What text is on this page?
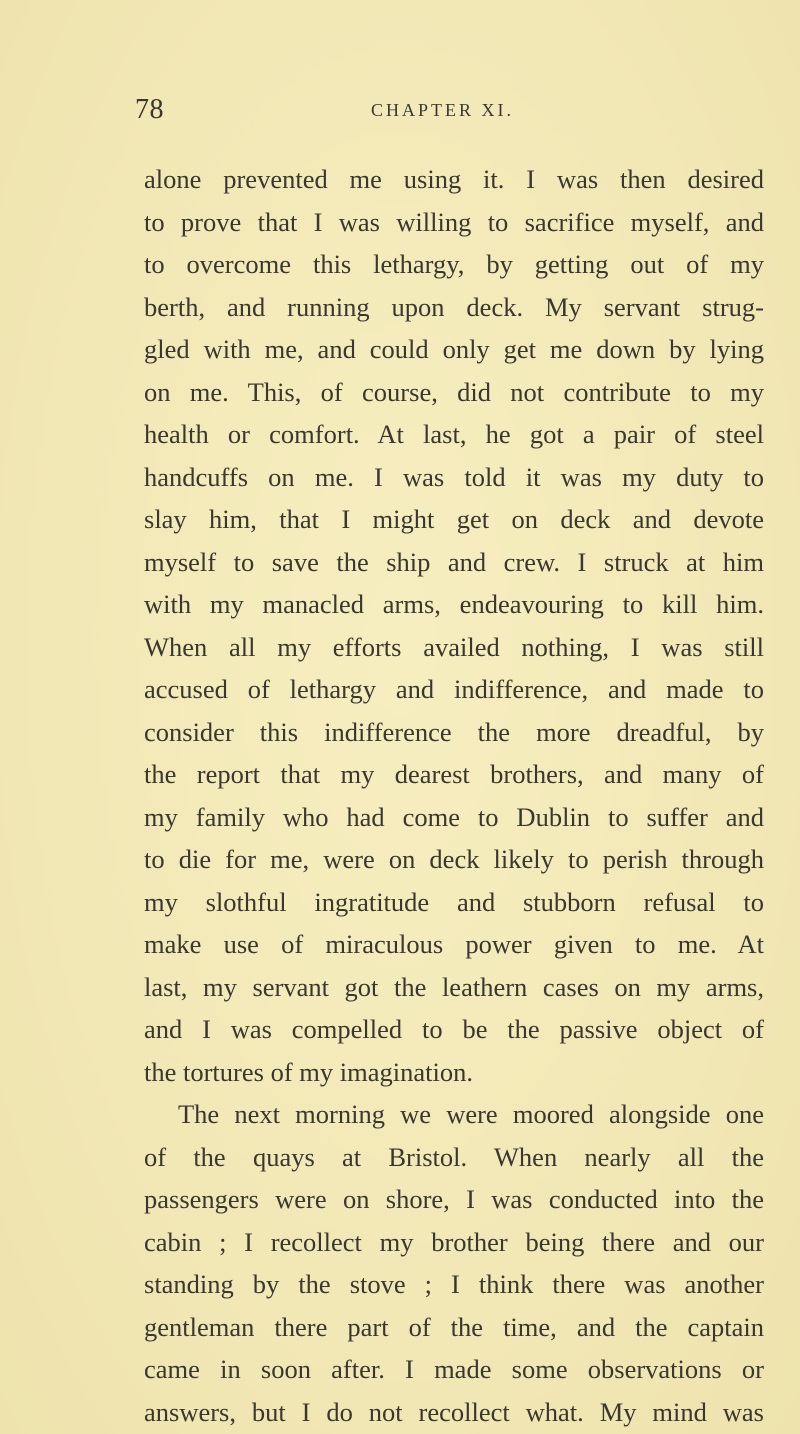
78	CHAPTER XI.
alone prevented me using it. I was then desired
to prove that I was willing to sacrifice myself, and
to overcome this lethargy, by getting out of my
berth, and running upon deck. My servant strug-
gled with me, and could only get me down by lying
on me. This, of course, did not contribute to my
health or comfort. At last, he got a pair of steel
handcuffs on me. I was told it was my duty to
slay him, that I might get on deck and devote
myself to save the ship and crew. I struck at him
with my manacled arms, endeavouring to kill him.
When all my efforts availed nothing, I was still
accused of lethargy and indifference, and made to
consider this indifference the more dreadful, by
the report that my dearest brothers, and many of
my family who had come to Dublin to suffer and
to die for me, were on deck likely to perish through
my slothful ingratitude and stubborn refusal to
make use of miraculous power given to me. At
last, my servant got the leathern cases on my arms,
and I was compelled to be the passive object of
the tortures of my imagination.
The next morning we were moored alongside one
of the quays at Bristol. When nearly all the
passengers were on shore, I was conducted into the
cabin ; I recollect my brother being there and our
standing by the stove ; I think there was another
gentleman there part of the time, and the captain
came in soon after. I made some observations or
answers, but I do not recollect what. My mind was
